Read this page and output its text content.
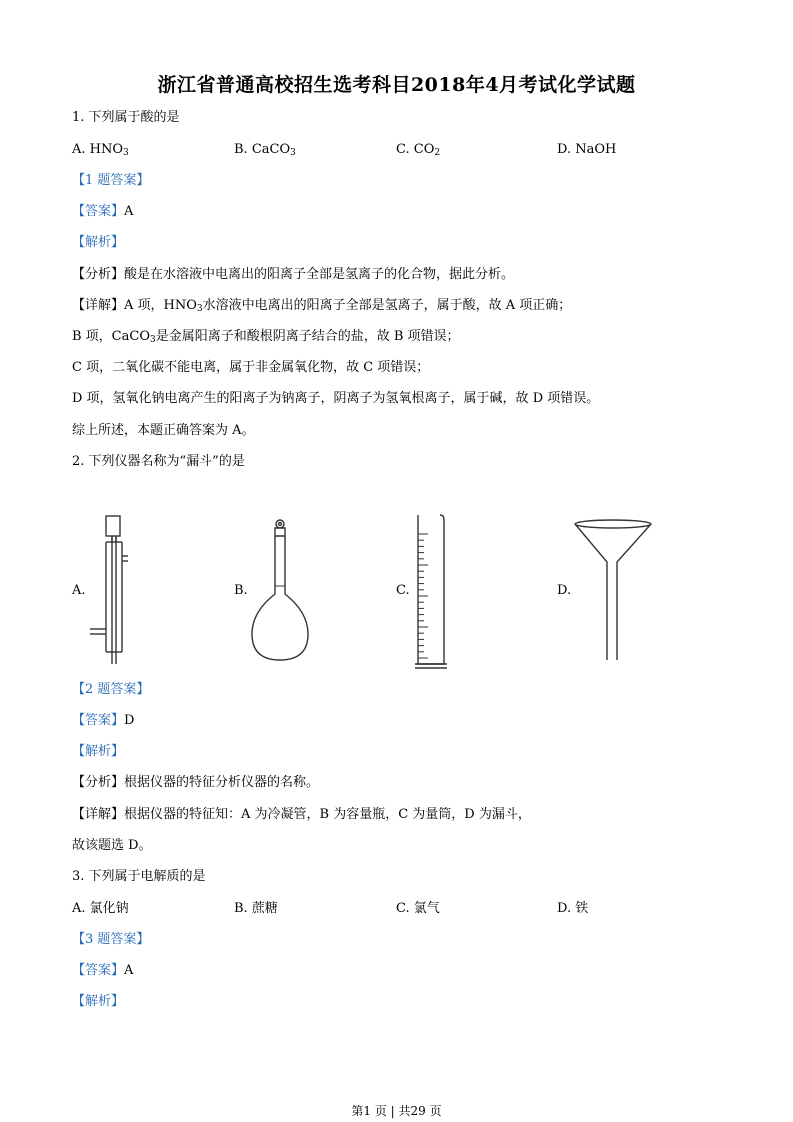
浙江省普通高校招生选考科目2018年4月考试化学试题
1. 下列属于酸的是
A. $HNO_3$	B. CaCO$_3$	C. $CO_2$	D. NaOH
【1 题答案】
【答案】A
【解析】
【分析】酸是在水溶液中电离出的阳离子全部是氢离子的化合物，据此分析。
【详解】A 项，$HNO_3$水溶液中电离出的阳离子全部是氢离子，属于酸，故 A 项正确；
B 项，CaCO$_3$是金属阳离子和酸根阴离子结合的盐，故 B 项错误；
C 项，二氧化碳不能电离，属于非金属氧化物，故 C 项错误；
D 项，氢氧化钠电离产生的阳离子为钠离子，阴离子为氢氧根离子，属于碱，故 D 项错误。
综上所述，本题正确答案为 A。
2. 下列仪器名称为“漏斗”的是
A.	B.	C.	D.
【2 题答案】
【答案】D
【解析】
【分析】根据仪器的特征分析仪器的名称。
【详解】根据仪器的特征知：A 为冷凝管，B 为容量瓶，C 为量筒，D 为漏斗，
故该题选 D。
3. 下列属于电解质的是
A. 氯化钠	B. 蔗糖	C. 氯气	D. 铁
【3 题答案】
【答案】A
【解析】
第1 页 | 共29 页
